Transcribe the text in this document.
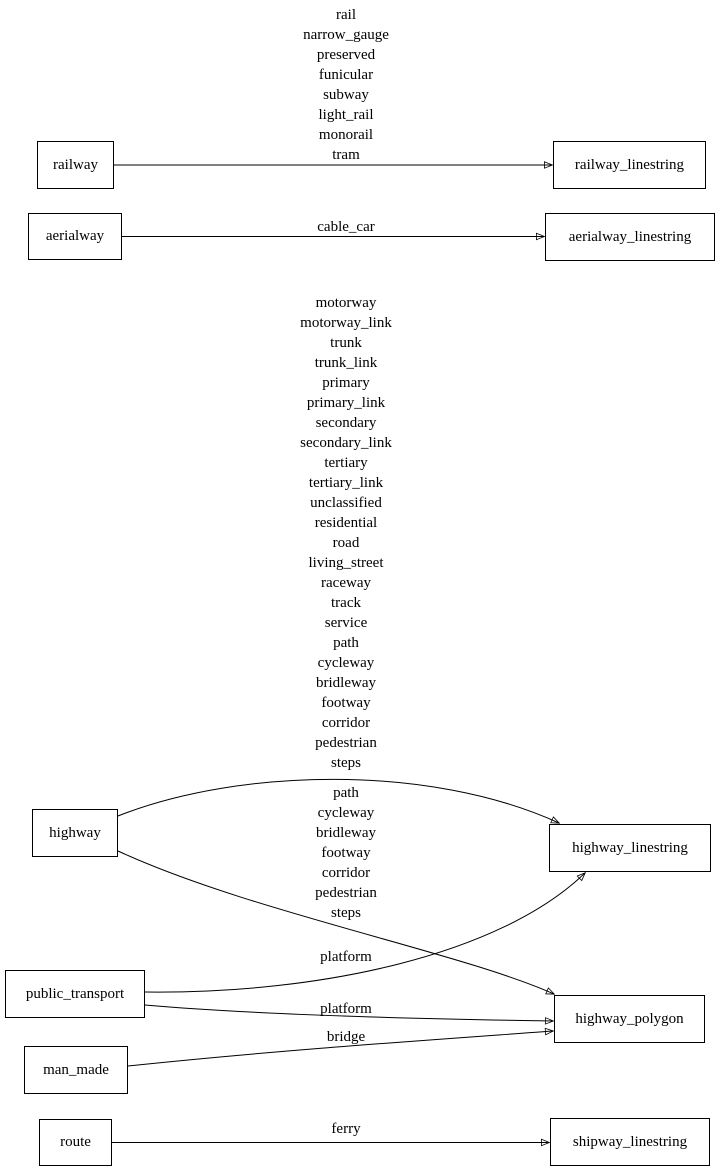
railway	railway_linestring
aerialway	aerialway_linestring
highway
highway_linestring
public_transport
highway_polygon
man_made
route	shipway_linestring
rail
narrow_gauge
preserved
funicular
subway
light_rail
monorail
tram
cable_car
motorway
motorway_link
trunk
trunk_link
primary
primary_link
secondary
secondary_link
tertiary
tertiary_link
unclassified
residential
road
living_street
raceway
track
service
path
cycleway
bridleway
footway
corridor
pedestrian
steps
path
cycleway
bridleway
footway
corridor
pedestrian
steps
platform
platform
bridge
ferry
